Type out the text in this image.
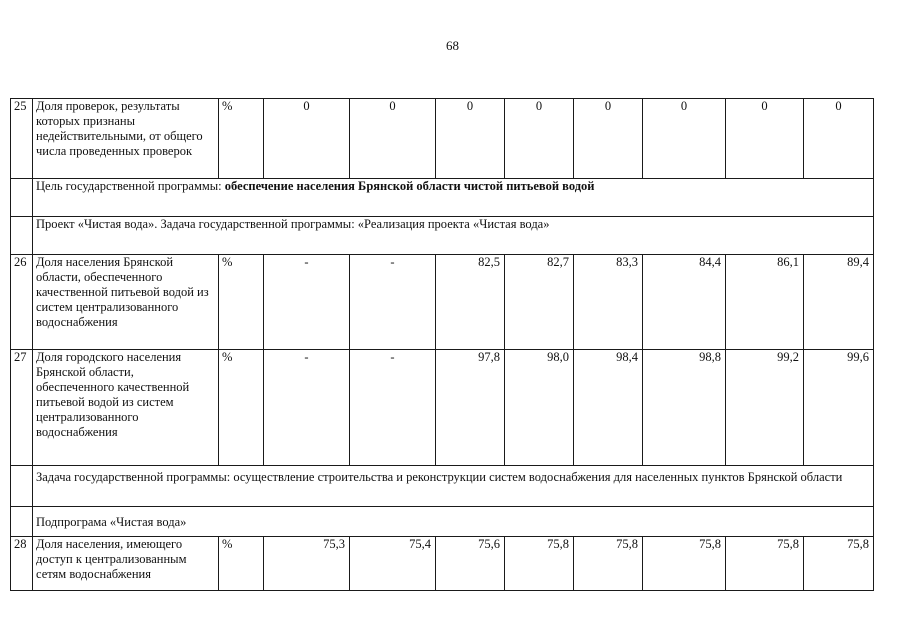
68
25	Доля проверок, результаты которых признаны недействительными, от общего числа проведенных проверок	%	0	0	0	0	0	0	0	0
	Цель государственной программы: обеспечение населения Брянской области чистой питьевой водой									
	Проект «Чистая вода». Задача государственной программы: «Реализация проекта «Чистая вода»									
26	Доля населения Брянской области, обеспеченного качественной питьевой водой из систем централизованного водоснабжения	%	-	-	82,5	82,7	83,3	84,4	86,1	89,4
27	Доля городского населения Брянской области, обеспеченного качественной питьевой водой из систем централизованного водоснабжения	%	-	-	97,8	98,0	98,4	98,8	99,2	99,6
	Задача государственной программы: осуществление строительства и реконструкции систем водоснабжения для населенных пунктов Брянской области									
	Подпрограма «Чистая вода»									
28	Доля населения, имеющего доступ к централизованным сетям водоснабжения	%	75,3	75,4	75,6	75,8	75,8	75,8	75,8	75,8
